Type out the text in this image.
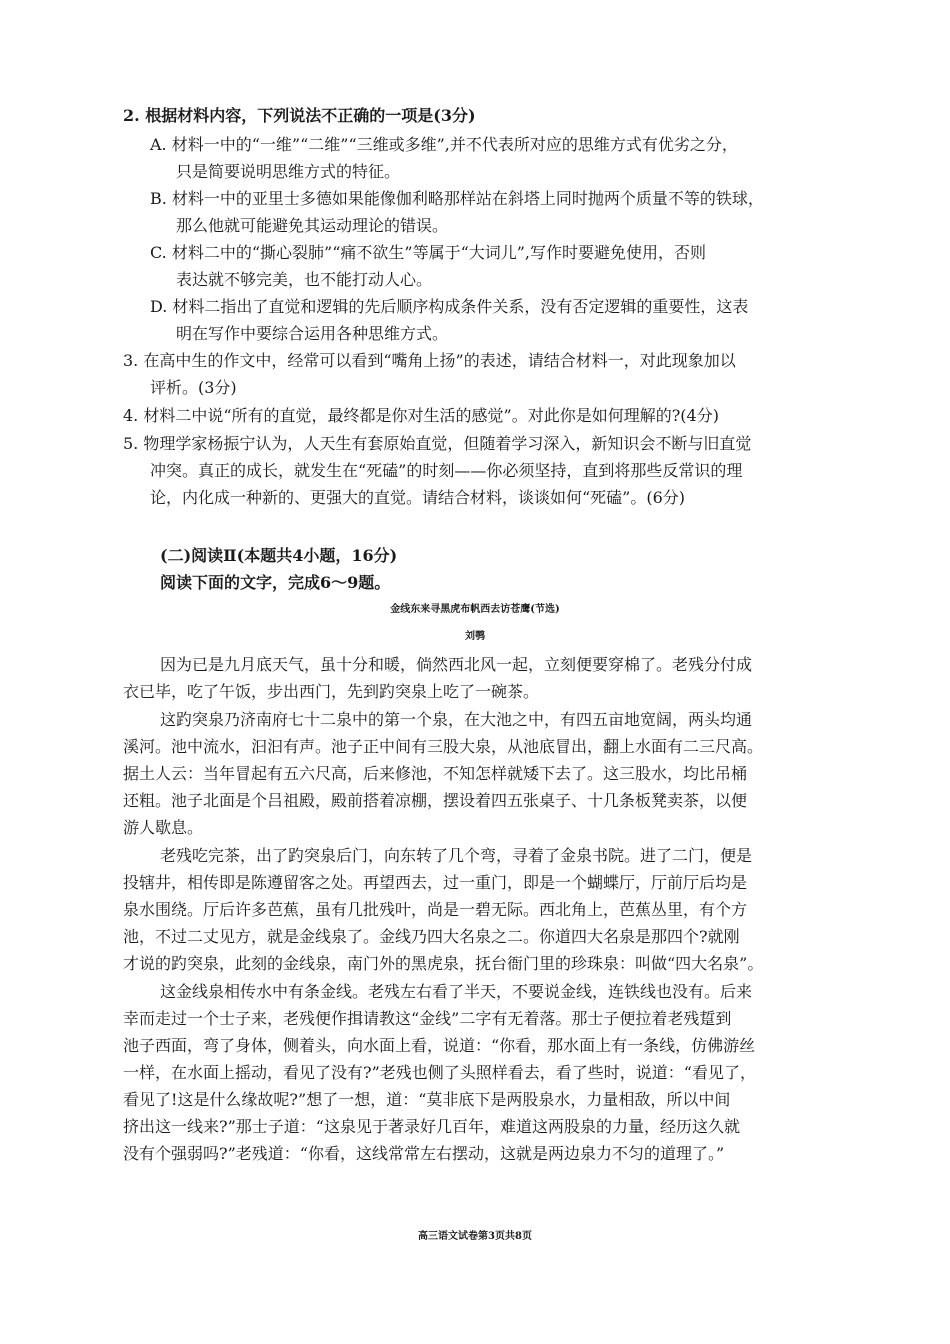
2. 根据材料内容，下列说法不正确的一项是(3分)
A. 材料一中的“一维”“二维”“三维或多维”,并不代表所对应的思维方式有优劣之分，
只是简要说明思维方式的特征。
B. 材料一中的亚里士多德如果能像伽利略那样站在斜塔上同时抛两个质量不等的铁球，
那么他就可能避免其运动理论的错误。
C. 材料二中的“撕心裂肺”“痛不欲生”等属于“大词儿”,写作时要避免使用，否则
表达就不够完美，也不能打动人心。
D. 材料二指出了直觉和逻辑的先后顺序构成条件关系，没有否定逻辑的重要性，这表
明在写作中要综合运用各种思维方式。
3. 在高中生的作文中，经常可以看到“嘴角上扬”的表述，请结合材料一，对此现象加以
评析。(3分)
4. 材料二中说“所有的直觉，最终都是你对生活的感觉”。对此你是如何理解的?(4分)
5. 物理学家杨振宁认为，人天生有套原始直觉，但随着学习深入，新知识会不断与旧直觉
冲突。真正的成长，就发生在“死磕”的时刻——你必须坚持，直到将那些反常识的理
论，内化成一种新的、更强大的直觉。请结合材料，谈谈如何“死磕”。(6分)
(二)阅读Ⅱ(本题共4小题，16分)
阅读下面的文字，完成6～9题。
金线东来寻黑虎布帆西去访苍鹰(节选)
刘鹗
因为已是九月底天气，虽十分和暖，倘然西北风一起，立刻便要穿棉了。老残分付成
衣已毕，吃了午饭，步出西门，先到趵突泉上吃了一碗茶。
这趵突泉乃济南府七十二泉中的第一个泉，在大池之中，有四五亩地宽阔，两头均通
溪河。池中流水，汩汩有声。池子正中间有三股大泉，从池底冒出，翻上水面有二三尺高。
据土人云：当年冒起有五六尺高，后来修池，不知怎样就矮下去了。这三股水，均比吊桶
还粗。池子北面是个吕祖殿，殿前搭着凉棚，摆设着四五张桌子、十几条板凳卖茶，以便
游人歇息。
老残吃完茶，出了趵突泉后门，向东转了几个弯，寻着了金泉书院。进了二门，便是
投辖井，相传即是陈遵留客之处。再望西去，过一重门，即是一个蝴蝶厅，厅前厅后均是
泉水围绕。厅后许多芭蕉，虽有几批残叶，尚是一碧无际。西北角上，芭蕉丛里，有个方
池，不过二丈见方，就是金线泉了。金线乃四大名泉之二。你道四大名泉是那四个?就刚
才说的趵突泉，此刻的金线泉，南门外的黑虎泉，抚台衙门里的珍珠泉：叫做“四大名泉”。
这金线泉相传水中有条金线。老残左右看了半天，不要说金线，连铁线也没有。后来
幸而走过一个士子来，老残便作揖请教这“金线”二字有无着落。那士子便拉着老残踅到
池子西面，弯了身体，侧着头，向水面上看，说道：“你看，那水面上有一条线，仿佛游丝
一样，在水面上摇动，看见了没有?”老残也侧了头照样看去，看了些时，说道：“看见了，
看见了!这是什么缘故呢?”想了一想，道：“莫非底下是两股泉水，力量相敌，所以中间
挤出这一线来?”那士子道：“这泉见于著录好几百年，难道这两股泉的力量，经历这久就
没有个强弱吗?”老残道：“你看，这线常常左右摆动，这就是两边泉力不匀的道理了。”
高三语文试卷第3页共8页
